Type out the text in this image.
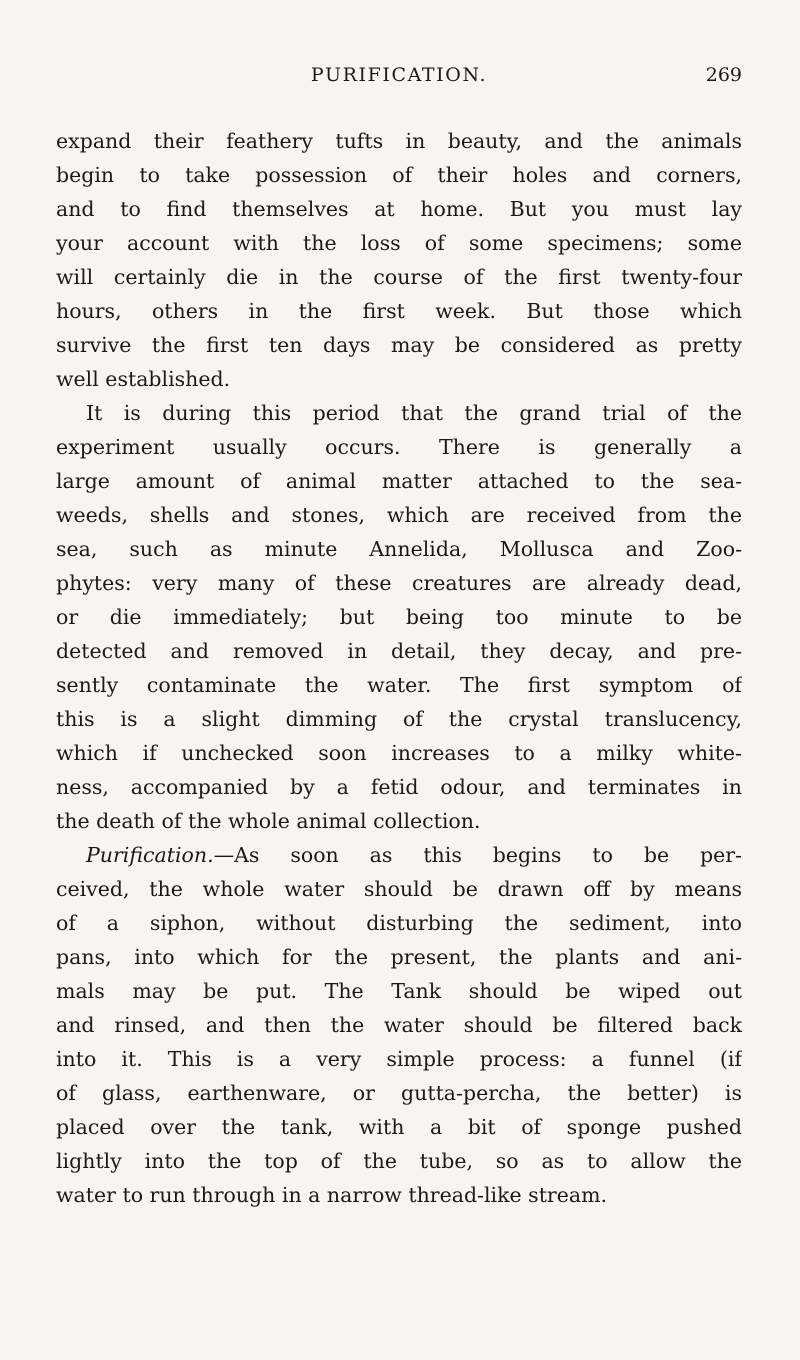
PURIFICATION.	269
expand their feathery tufts in beauty, and the animals
begin to take possession of their holes and corners,
and to find themselves at home. But you must lay
your account with the loss of some specimens; some
will certainly die in the course of the first twenty-four
hours, others in the first week. But those which
survive the first ten days may be considered as pretty
well established.
It is during this period that the grand trial of the
experiment usually occurs. There is generally a
large amount of animal matter attached to the sea-
weeds, shells and stones, which are received from the
sea, such as minute Annelida, Mollusca and Zoo-
phytes: very many of these creatures are already dead,
or die immediately; but being too minute to be
detected and removed in detail, they decay, and pre-
sently contaminate the water. The first symptom of
this is a slight dimming of the crystal translucency,
which if unchecked soon increases to a milky white-
ness, accompanied by a fetid odour, and terminates in
the death of the whole animal collection.
Purification.—As soon as this begins to be per-
ceived, the whole water should be drawn off by means
of a siphon, without disturbing the sediment, into
pans, into which for the present, the plants and ani-
mals may be put. The Tank should be wiped out
and rinsed, and then the water should be filtered back
into it. This is a very simple process: a funnel (if
of glass, earthenware, or gutta-percha, the better) is
placed over the tank, with a bit of sponge pushed
lightly into the top of the tube, so as to allow the
water to run through in a narrow thread-like stream.
